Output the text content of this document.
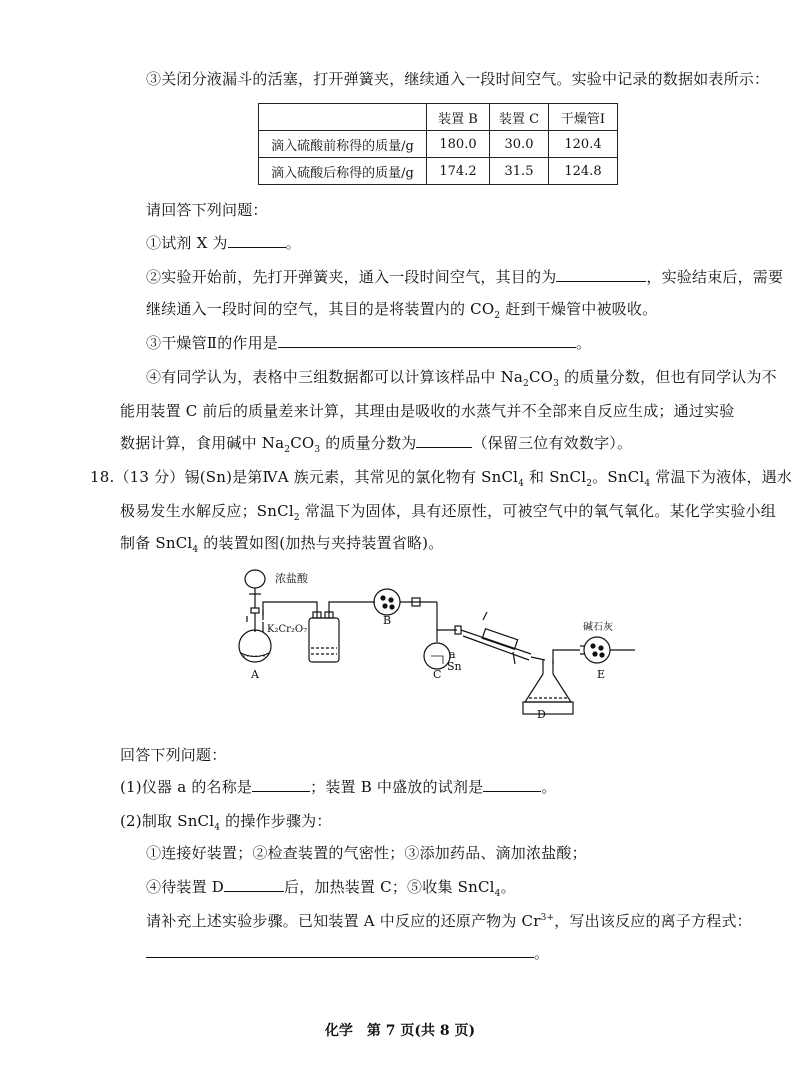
③关闭分液漏斗的活塞，打开弹簧夹，继续通入一段时间空气。实验中记录的数据如表所示：
	装置 B	装置 C	干燥管Ⅰ
滴入硫酸前称得的质量/g	180.0	30.0	120.4
滴入硫酸后称得的质量/g	174.2	31.5	124.8
请回答下列问题：
①试剂 X 为	。
②实验开始前，先打开弹簧夹，通入一段时间空气，其目的为	，实验结束后，需要
继续通入一段时间的空气，其目的是将装置内的 $CO_2$ 赶到干燥管中被吸收。
③干燥管Ⅱ的作用是	。
④有同学认为，表格中三组数据都可以计算该样品中 $Na_2CO_3$ 的质量分数，但也有同学认为不
能用装置 C 前后的质量差来计算，其理由是吸收的水蒸气并不全部来自反应生成；通过实验
数据计算，食用碱中 $Na_2CO_3$ 的质量分数为	（保留三位有效数字）。
18.（13 分）锡(Sn)是第ⅣA 族元素，其常见的氯化物有 SnCl$_4$ 和 SnCl$_2$。SnCl$_4$ 常温下为液体，遇水
极易发生水解反应；SnCl$_2$ 常温下为固体，具有还原性，可被空气中的氧气氧化。某化学实验小组
制备 SnCl$_4$ 的装置如图(加热与夹持装置省略)。
浓盐酸
K₂Cr₂O₇
A
B
a
Sn
C
D
E
碱石灰
回答下列问题：
(1)仪器 a 的名称是	；装置 B 中盛放的试剂是	。
(2)制取 SnCl$_4$ 的操作步骤为：
①连接好装置；②检查装置的气密性；③添加药品、滴加浓盐酸；
④待装置 D	后，加热装置 C；⑤收集 SnCl$_4$。
请补充上述实验步骤。已知装置 A 中反应的还原产物为 $Cr^{3+}$，写出该反应的离子方程式：
。
化学　第 7 页(共 8 页)
